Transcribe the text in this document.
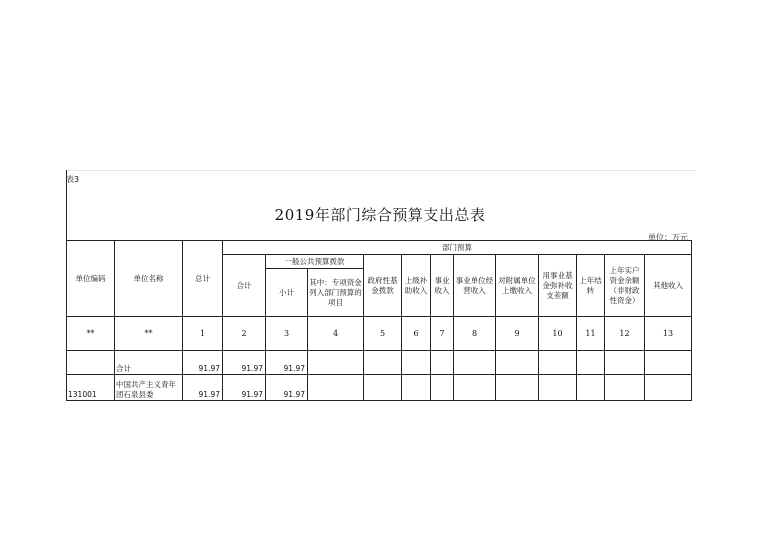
表3
2019年部门综合预算支出总表
单位：万元
单位编码	单位名称	总计	部门预算											
			合计	一般公共预算拨款		政府性基金拨款	上级补助收入	事业收入	事业单位经营收入	对附属单位上缴收入	用事业基金弥补收支差额	上年结转	上年实户资金余额（非财政性资金）	其他收入
				小计	其中：专项资金列入部门预算的项目									
**	**	1	2	3	4	5	6	7	8	9	10	11	12	13
	合计	91.97	91.97	91.97										
131001	中国共产主义青年团石泉县委	91.97	91.97	91.97										
